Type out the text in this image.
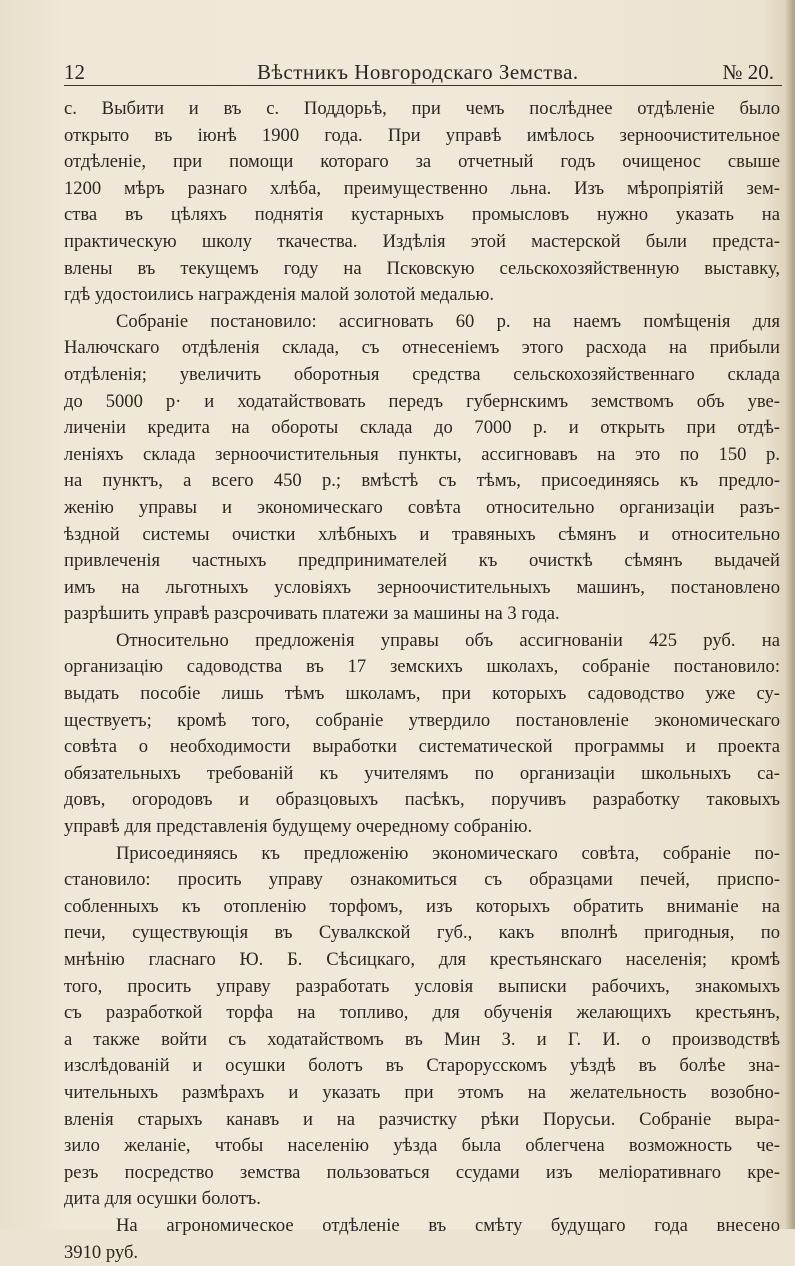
12	Вѣстникъ Новгородскаго Земства.	№ 20.
с. Выбити и въ с. Поддорьѣ, при чемъ послѣднее отдѣленіе было
открыто въ іюнѣ 1900 года. При управѣ имѣлось зерноочистительное
отдѣленіе, при помощи котораго за отчетный годъ очищенос свыше
1200 мѣръ разнаго хлѣба, преимущественно льна. Изъ мѣропріятій зем-
ства въ цѣляхъ поднятія кустарныхъ промысловъ нужно указать на
практическую школу ткачества. Издѣлія этой мастерской были предста-
влены въ текущемъ году на Псковскую сельскохозяйственную выставку,
гдѣ удостоились награжденія малой золотой медалью.
Собраніе постановило: ассигновать 60 р. на наемъ помѣщенія для
Налючскаго отдѣленія склада, съ отнесеніемъ этого расхода на прибыли
отдѣленія; увеличить оборотныя средства сельскохозяйственнаго склада
до 5000 р· и ходатайствовать передъ губернскимъ земствомъ объ уве-
личеніи кредита на обороты склада до 7000 р. и открыть при отдѣ-
леніяхъ склада зерноочистительныя пункты, ассигновавъ на это по 150 р.
на пунктъ, а всего 450 р.; вмѣстѣ съ тѣмъ, присоединяясь къ предло-
женію управы и экономическаго совѣта относительно организаціи разъ-
ѣздной системы очистки хлѣбныхъ и травяныхъ сѣмянъ и относительно
привлеченія частныхъ предпринимателей къ очисткѣ сѣмянъ выдачей
имъ на льготныхъ условіяхъ зерноочистительныхъ машинъ, постановлено
разрѣшить управѣ разсрочивать платежи за машины на 3 года.
Относительно предложенія управы объ ассигнованіи 425 руб. на
организацію садоводства въ 17 земскихъ школахъ, собраніе постановило:
выдать пособіе лишь тѣмъ школамъ, при которыхъ садоводство уже су-
ществуетъ; кромѣ того, собраніе утвердило постановленіе экономическаго
совѣта о необходимости выработки систематической программы и проекта
обязательныхъ требованій къ учителямъ по организаціи школьныхъ са-
довъ, огородовъ и образцовыхъ пасѣкъ, поручивъ разработку таковыхъ
управѣ для представленія будущему очередному собранію.
Присоединяясь къ предложенію экономическаго совѣта, собраніе по-
становило: просить управу ознакомиться съ образцами печей, приспо-
собленныхъ къ отопленію торфомъ, изъ которыхъ обратить вниманіе на
печи, существующія въ Сувалкской губ., какъ вполнѣ пригодныя, по
мнѣнію гласнаго Ю. Б. Сѣсицкаго, для крестьянскаго населенія; кромѣ
того, просить управу разработать условія выписки рабочихъ, знакомыхъ
съ разработкой торфа на топливо, для обученія желающихъ крестьянъ,
а также войти съ ходатайствомъ въ Мин З. и Г. И. о производствѣ
изслѣдованій и осушки болотъ въ Старорусскомъ уѣздѣ въ болѣе зна-
чительныхъ размѣрахъ и указать при этомъ на желательность возобно-
вленія старыхъ канавъ и на разчистку рѣки Порусьи. Собраніе выра-
зило желаніе, чтобы населенію уѣзда была облегчена возможность че-
резъ посредство земства пользоваться ссудами изъ меліоративнаго кре-
дита для осушки болотъ.
На агрономическое отдѣленіе въ смѣту будущаго года внесено
3910 руб.
